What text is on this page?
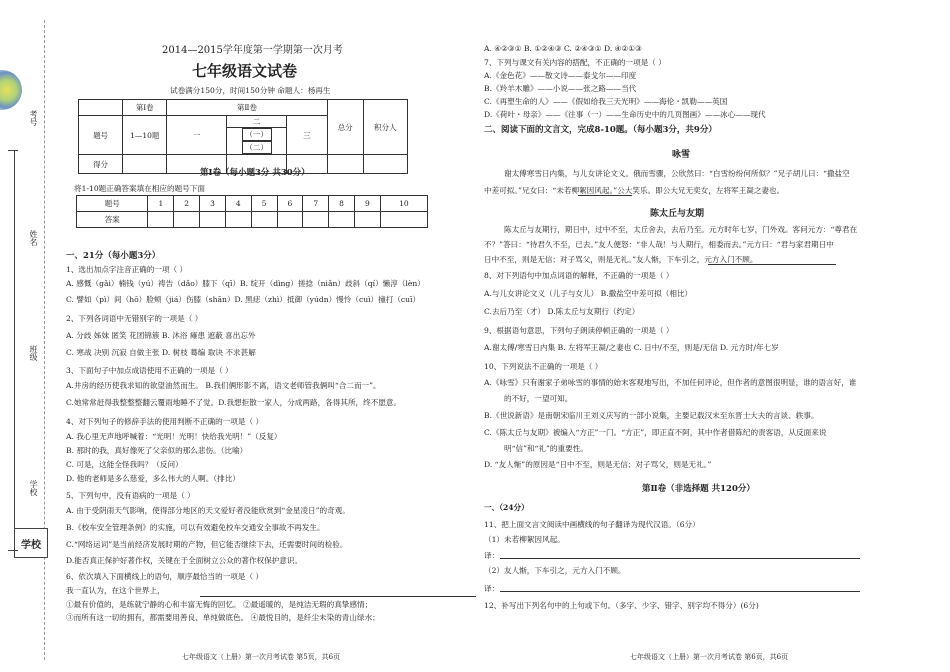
考号
姓名
班级
学校
学校
2014—2015学年度第一学期第一次月考
七年级语文试卷
试卷满分150分，时间150分钟 命题人：杨再生
	第Ⅰ卷	第Ⅱ卷			总分	积分人
题号	1—10题	一	二	三		
			（一） （二）			
得分						
第Ⅰ卷（每小题3分 共30分）
将1-10题正确答案填在相应的题号下面
题号	1	2	3	4	5	6	7	8	9	10
答案										
一、21分（每小题3分）
1、选出加点字注音正确的一项（ ）
A. 感慨（gǎi）楠钱（yú）祷告（dǎo）膝下（qī）B. 绽开（dìng）搓捻（niǎn）歧斜（qí）懒淳（lèn）
C. 譬如（pì）间（hō）脸颊（jiá）伤膝（shān）D. 黑痣（zhì）抵御（yúdn）慢怜（cuì）撞打（cuī）
2、下列各词语中无错别字的一项是（ ）
A. 分歧 姊妹 匿笑 花团锦簇 B. 沐浴 瘫患 遮蔽 喜出忘外
C. 寒战 决别 沉寂 自做主张 D. 树枝 蓦编 取诀 不求甚解
3、下面句子中加点成语使用不正确的一项是（ ）
A.井房的经历使我求知的欲望油然而生。 B.我们俩形影不离，语文老师管我俩叫“合二而一”。
C.她常常赶得我整整整翻云覆雨地睡不了觉。D.我想拒散一家人，分成两路，各得其所，终不愿意。
4、对下列句子的修辞手法的使用判断不正确的一项是（ ）
A. 我心里无声地呼喊着：“光明！光明！快给我光明！”（反复）
B. 那时的我，真好像死了父亲似的那么悲伤。（比喻）
C. 可是，这能全怪我吗？（反问）
D. 他的老师是多么慈爱，多么伟大的人啊。（排比）
5、下列句中，没有语病的一项是（ ）
A. 由于受阴雨天气影响，使得部分地区的天文爱好者没能欣赏到“金星凌日”的奇观。
B.《校车安全管理条例》的实施，可以有效避免校车交通安全事故不再发生。
C.“网络运词”是当前经济发展时期的产物，但它能否继续下去，还需要时间的检验。
D.能否真正保护好著作权，关键在于全面树立公众的著作权保护意识。
6、依次填入下面横线上的语句，顺序最恰当的一项是（ ）
我一直认为，在这个世界上，
①最有价值的，是练就宁静的心和丰富无悔的回忆。 ②最遥暖的，是纯洁无瑕的真挚感情；
③而所有这一切的拥有，都需要用善良、单纯做底色。 ④最悦目的，是纤尘未染的青山绿水；
七年级语文（上册）第一次月考试卷 第5页，共6页
A. ④②③① B. ①②④③ C. ②④③① D. ④②①③
7、下列与课文有关内容的搭配，不正确的一项是（ ）
A.《金色花》——散文诗——泰戈尔——印度
B.《羚羊木雕》——小说——张之路——当代
C.《再塑生命的人》——《假如给我三天光明》——海伦・凯勒——英国
D.《荷叶・母亲》——《往事（一）——生命历史中的几页图画》——冰心——现代
二、阅读下面的文言文，完成8-10题。（每小题3分，共9分）
咏雪
谢太傅寒雪日内集，与儿女讲论文义。俄而雪骤，公欣然曰：“白雪纷纷何所似？”兄子胡儿曰：“撒盐空
中差可拟。”兄女曰：“未若柳絮因风起。”公大笑乐。即公大兄无奕女，左将军王凝之妻也。
陈太丘与友期
陈太丘与友期行，期日中，过中不至，太丘舍去，去后乃至。元方时年七岁，门外戏。客问元方：“尊君在
不？”答曰：“待君久不至，已去。”友人便怒：“非人哉！与人期行，相委而去。”元方曰：“君与家君期日中
日中不至，则是无信；对子骂父，则是无礼。”友人惭，下车引之，元方入门不顾。
8、对下列语句中加点词语的解释，不正确的一项是（ ）
A.与儿女讲论文义（儿子与女儿） B.撒盐空中差可拟（相比）
C.去后乃至（才） D.陈太丘与友期行（约定）
9、根据语句意思，下列句子朗读停顿正确的一项是（ ）
A.谢太傅/寒雪日内集 B. 左将军王凝/之妻也 C. 日中/不至，则是/无信 D. 元方时/年七岁
10、下列说法不正确的一项是（ ）
A.《咏雪》只有谢家子弟咏雪的事情的始末客观地写出，不加任何评论，但作者的意图很明显，谁的语言好，谁
的不好，一望可知。
B.《世说新语》是南朝宋临川王刘义庆写的一部小说集，主要记载汉末至东晋士大夫的言谈、轶事。
C.《陈太丘与友期》被编入“方正”一门。“方正”，即正直不阿，其中作者借陈纪的责客语，从反面来说
明“信”和“礼”的重要性。
D. “友人惭”的原因是“日中不至，则是无信；对子骂父，则是无礼。”
第Ⅱ卷（非选择题 共120分）
一、（24分）
11、把上面文言文阅读中画横线的句子翻译为现代汉语。（6分）
（1）未若柳絮因风起。
译：
（2）友人惭，下车引之，元方入门不顾。
译：
12、补写出下列名句中的上句或下句。（多字、少字、错字、别字均不得分）(6分)
七年级语文（上册）第一次月考试卷 第6页，共6页
